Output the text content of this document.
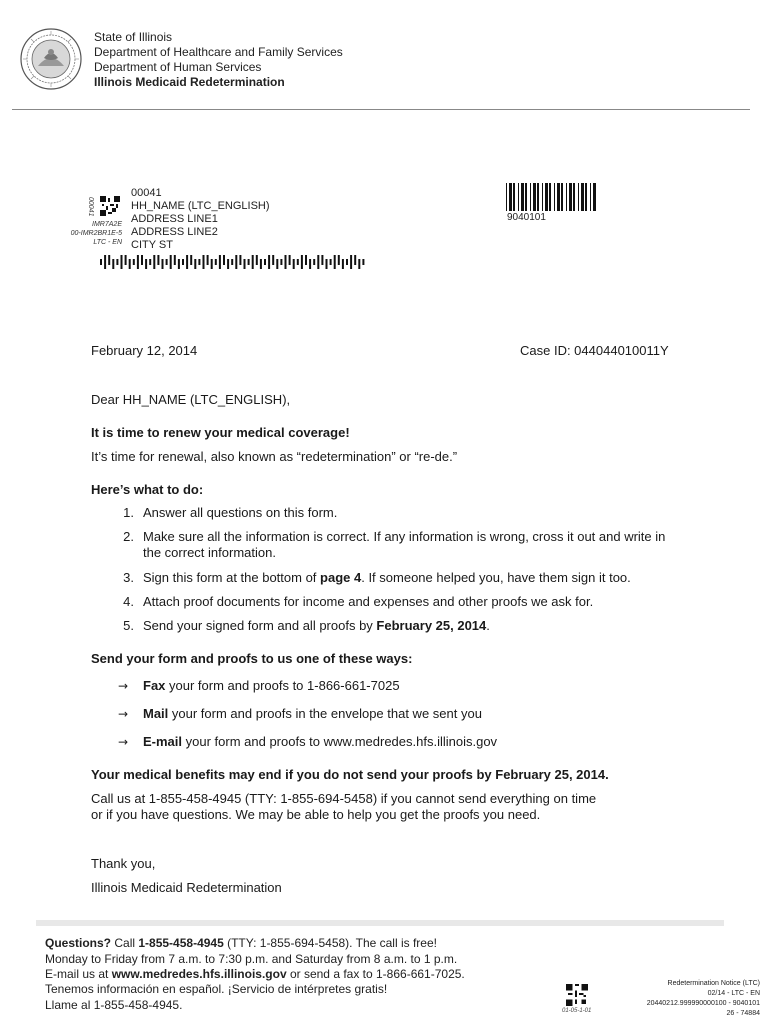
State of Illinois
Department of Healthcare and Family Services
Department of Human Services
Illinois Medicaid Redetermination
00041
IMR7A2E
00-IMR2BR1E-5
LTC - EN
00041
HH_NAME (LTC_ENGLISH)
ADDRESS LINE1
ADDRESS LINE2
CITY ST
9040101
February 12, 2014	Case ID: 044044010011Y
Dear HH_NAME (LTC_ENGLISH),
It is time to renew your medical coverage!
It’s time for renewal, also known as “redetermination” or “re-de.”
Here’s what to do:
1. Answer all questions on this form.
2. Make sure all the information is correct. If any information is wrong, cross it out and write in the correct information.
3. Sign this form at the bottom of page 4. If someone helped you, have them sign it too.
4. Attach proof documents for income and expenses and other proofs we ask for.
5. Send your signed form and all proofs by February 25, 2014.
Send your form and proofs to us one of these ways:
→ Fax your form and proofs to 1-866-661-7025
→ Mail your form and proofs in the envelope that we sent you
→ E-mail your form and proofs to www.medredes.hfs.illinois.gov
Your medical benefits may end if you do not send your proofs by February 25, 2014.
Call us at 1-855-458-4945 (TTY: 1-855-694-5458) if you cannot send everything on time
or if you have questions. We may be able to help you get the proofs you need.
Thank you,
Illinois Medicaid Redetermination
Questions? Call 1-855-458-4945 (TTY: 1-855-694-5458). The call is free!
Monday to Friday from 7 a.m. to 7:30 p.m. and Saturday from 8 a.m. to 1 p.m.
E-mail us at www.medredes.hfs.illinois.gov or send a fax to 1-866-661-7025.
Tenemos información en español. ¡Servicio de intérpretes gratis!
Llame al 1-855-458-4945.	01-05-1-01
Redetermination Notice (LTC)
02/14 - LTC - EN
20440212.999990000100 - 9040101
26 - 74884
